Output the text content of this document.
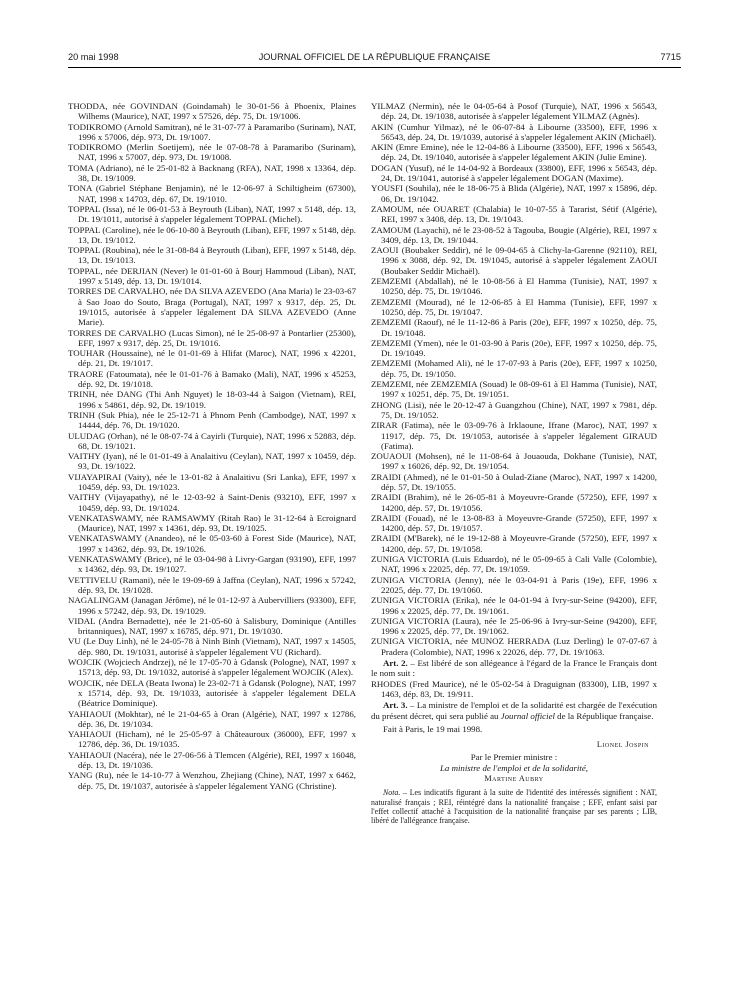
20 mai 1998	JOURNAL OFFICIEL DE LA RÉPUBLIQUE FRANÇAISE	7715

THODDA, née GOVINDAN (Goindamah) le 30-01-56 à Phoenix, Plaines Wilhems (Maurice), NAT, 1997 x 57526, dép. 75, Dt. 19/1006.

TODIKROMO (Arnold Samitran), né le 31-07-77 à Paramaribo (Surinam), NAT, 1996 x 57006, dép. 973, Dt. 19/1007.

TODIKROMO (Merlin Soetijem), née le 07-08-78 à Paramaribo (Surinam), NAT, 1996 x 57007, dép. 973, Dt. 19/1008.

TOMA (Adriano), né le 25-01-82 à Backnang (RFA), NAT, 1998 x 13364, dép. 38, Dt. 19/1009.

TONA (Gabriel Stéphane Benjamin), né le 12-06-97 à Schiltigheim (67300), NAT, 1998 x 14703, dép. 67, Dt. 19/1010.

TOPPAL (Issa), né le 06-01-53 à Beyrouth (Liban), NAT, 1997 x 5148, dép. 13, Dt. 19/1011, autorisé à s'appeler légalement TOPPAL (Michel).

TOPPAL (Caroline), née le 06-10-80 à Beyrouth (Liban), EFF, 1997 x 5148, dép. 13, Dt. 19/1012.

TOPPAL (Roubina), née le 31-08-84 à Beyrouth (Liban), EFF, 1997 x 5148, dép. 13, Dt. 19/1013.

TOPPAL, née DERJIAN (Never) le 01-01-60 à Bourj Hammoud (Liban), NAT, 1997 x 5149, dép. 13, Dt. 19/1014.

TORRES DE CARVALHO, née DA SILVA AZEVEDO (Ana Maria) le 23-03-67 à Sao Joao do Souto, Braga (Portugal), NAT, 1997 x 9317, dép. 25, Dt. 19/1015, autorisée à s'appeler légalement DA SILVA AZEVEDO (Anne Marie).

TORRES DE CARVALHO (Lucas Simon), né le 25-08-97 à Pontarlier (25300), EFF, 1997 x 9317, dép. 25, Dt. 19/1016.

TOUHAR (Houssaine), né le 01-01-69 à Hlifat (Maroc), NAT, 1996 x 42201, dép. 21, Dt. 19/1017.

TRAORE (Fatoumata), née le 01-01-76 à Bamako (Mali), NAT, 1996 x 45253, dép. 92, Dt. 19/1018.

TRINH, née DANG (Thi Anh Nguyet) le 18-03-44 à Saigon (Vietnam), REI, 1996 x 54861, dép. 92, Dt. 19/1019.

TRINH (Suk Phia), née le 25-12-71 à Phnom Penh (Cambodge), NAT, 1997 x 14444, dép. 76, Dt. 19/1020.

ULUDAG (Orhan), né le 08-07-74 à Cayirli (Turquie), NAT, 1996 x 52883, dép. 68, Dt. 19/1021.

VAITHY (Iyan), né le 01-01-49 à Analaitivu (Ceylan), NAT, 1997 x 10459, dép. 93, Dt. 19/1022.

VIJAYAPIRAI (Vaity), née le 13-01-82 à Analaitivu (Sri Lanka), EFF, 1997 x 10459, dép. 93, Dt. 19/1023.

VAITHY (Vijayapathy), né le 12-03-92 à Saint-Denis (93210), EFF, 1997 x 10459, dép. 93, Dt. 19/1024.

VENKATASWAMY, née RAMSAWMY (Ritah Rao) le 31-12-64 à Ecroignard (Maurice), NAT, 1997 x 14361, dép. 93, Dt. 19/1025.

VENKATASWAMY (Anandeo), né le 05-03-60 à Forest Side (Maurice), NAT, 1997 x 14362, dép. 93, Dt. 19/1026.

VENKATASWAMY (Brice), né le 03-04-98 à Livry-Gargan (93190), EFF, 1997 x 14362, dép. 93, Dt. 19/1027.

VETTIVELU (Ramani), née le 19-09-69 à Jaffna (Ceylan), NAT, 1996 x 57242, dép. 93, Dt. 19/1028.

NAGALINGAM (Janagan Jérôme), né le 01-12-97 à Aubervilliers (93300), EFF, 1996 x 57242, dép. 93, Dt. 19/1029.

VIDAL (Andra Bernadette), née le 21-05-60 à Salisbury, Dominique (Antilles britanniques), NAT, 1997 x 16785, dép. 971, Dt. 19/1030.

VU (Le Duy Linh), né le 24-05-78 à Ninh Binh (Vietnam), NAT, 1997 x 14505, dép. 980, Dt. 19/1031, autorisé à s'appeler légalement VU (Richard).

WOJCIK (Wojciech Andrzej), né le 17-05-70 à Gdansk (Pologne), NAT, 1997 x 15713, dép. 93, Dt. 19/1032, autorisé à s'appeler légalement WOJCIK (Alex).

WOJCIK, née DELA (Beata Iwona) le 23-02-71 à Gdansk (Pologne), NAT, 1997 x 15714, dép. 93, Dt. 19/1033, autorisée à s'appeler légalement DELA (Béatrice Dominique).

YAHIAOUI (Mokhtar), né le 21-04-65 à Oran (Algérie), NAT, 1997 x 12786, dép. 36, Dt. 19/1034.

YAHIAOUI (Hicham), né le 25-05-97 à Châteauroux (36000), EFF, 1997 x 12786, dép. 36, Dt. 19/1035.

YAHIAOUI (Nacéra), née le 27-06-56 à Tlemcen (Algérie), REI, 1997 x 16048, dép. 13, Dt. 19/1036.

YANG (Ru), née le 14-10-77 à Wenzhou, Zhejiang (Chine), NAT, 1997 x 6462, dép. 75, Dt. 19/1037, autorisée à s'appeler légalement YANG (Christine).

YILMAZ (Nermin), née le 04-05-64 à Posof (Turquie), NAT, 1996 x 56543, dép. 24, Dt. 19/1038, autorisée à s'appeler légalement YILMAZ (Agnès).

AKIN (Cumhur Yilmaz), né le 06-07-84 à Libourne (33500), EFF, 1996 x 56543, dép. 24, Dt. 19/1039, autorisé à s'appeler légalement AKIN (Michaël).

AKIN (Emre Emine), née le 12-04-86 à Libourne (33500), EFF, 1996 x 56543, dép. 24, Dt. 19/1040, autorisée à s'appeler légalement AKIN (Julie Emine).

DOGAN (Yusuf), né le 14-04-92 à Bordeaux (33800), EFF, 1996 x 56543, dép. 24, Dt. 19/1041, autorisé à s'appeler légalement DOGAN (Maxime).

YOUSFI (Souhila), née le 18-06-75 à Blida (Algérie), NAT, 1997 x 15896, dép. 06, Dt. 19/1042.

ZAMOUM, née OUARET (Chalabia) le 10-07-55 à Tararist, Sétif (Algérie), REI, 1997 x 3408, dép. 13, Dt. 19/1043.

ZAMOUM (Layachi), né le 23-08-52 à Tagouba, Bougie (Algérie), REI, 1997 x 3409, dép. 13, Dt. 19/1044.

ZAOUI (Boubaker Seddir), né le 09-04-65 à Clichy-la-Garenne (92110), REI, 1996 x 3088, dép. 92, Dt. 19/1045, autorisé à s'appeler légalement ZAOUI (Boubaker Seddir Michaël).

ZEMZEMI (Abdallah), né le 10-08-56 à El Hamma (Tunisie), NAT, 1997 x 10250, dép. 75, Dt. 19/1046.

ZEMZEMI (Mourad), né le 12-06-85 à El Hamma (Tunisie), EFF, 1997 x 10250, dép. 75, Dt. 19/1047.

ZEMZEMI (Raouf), né le 11-12-86 à Paris (20e), EFF, 1997 x 10250, dép. 75, Dt. 19/1048.

ZEMZEMI (Ymen), née le 01-03-90 à Paris (20e), EFF, 1997 x 10250, dép. 75, Dt. 19/1049.

ZEMZEMI (Mohamed Ali), né le 17-07-93 à Paris (20e), EFF, 1997 x 10250, dép. 75, Dt. 19/1050.

ZEMZEMI, née ZEMZEMIA (Souad) le 08-09-61 à El Hamma (Tunisie), NAT, 1997 x 10251, dép. 75, Dt. 19/1051.

ZHONG (Lisi), née le 20-12-47 à Guangzhou (Chine), NAT, 1997 x 7981, dép. 75, Dt. 19/1052.

ZIRAR (Fatima), née le 03-09-76 à Irklaoune, Ifrane (Maroc), NAT, 1997 x 11917, dép. 75, Dt. 19/1053, autorisée à s'appeler légalement GIRAUD (Fatima).

ZOUAOUI (Mohsen), né le 11-08-64 à Jouaouda, Dokhane (Tunisie), NAT, 1997 x 16026, dép. 92, Dt. 19/1054.

ZRAIDI (Ahmed), né le 01-01-50 à Oulad-Ziane (Maroc), NAT, 1997 x 14200, dép. 57, Dt. 19/1055.

ZRAIDI (Brahim), né le 26-05-81 à Moyeuvre-Grande (57250), EFF, 1997 x 14200, dép. 57, Dt. 19/1056.

ZRAIDI (Fouad), né le 13-08-83 à Moyeuvre-Grande (57250), EFF, 1997 x 14200, dép. 57, Dt. 19/1057.

ZRAIDI (M'Barek), né le 19-12-88 à Moyeuvre-Grande (57250), EFF, 1997 x 14200, dép. 57, Dt. 19/1058.

ZUNIGA VICTORIA (Luis Eduardo), né le 05-09-65 à Cali Valle (Colombie), NAT, 1996 x 22025, dép. 77, Dt. 19/1059.

ZUNIGA VICTORIA (Jenny), née le 03-04-91 à Paris (19e), EFF, 1996 x 22025, dép. 77, Dt. 19/1060.

ZUNIGA VICTORIA (Erika), née le 04-01-94 à Ivry-sur-Seine (94200), EFF, 1996 x 22025, dép. 77, Dt. 19/1061.

ZUNIGA VICTORIA (Laura), née le 25-06-96 à Ivry-sur-Seine (94200), EFF, 1996 x 22025, dép. 77, Dt. 19/1062.

ZUNIGA VICTORIA, née MUNOZ HERRADA (Luz Derling) le 07-07-67 à Pradera (Colombie), NAT, 1996 x 22026, dép. 77, Dt. 19/1063.

Art. 2. – Est libéré de son allégeance à l'égard de la France le Français dont le nom suit :

RHODES (Fred Maurice), né le 05-02-54 à Draguignan (83300), LIB, 1997 x 1463, dép. 83, Dt. 19/911.

Art. 3. – La ministre de l'emploi et de la solidarité est chargée de l'exécution du présent décret, qui sera publié au Journal officiel de la République française.

Fait à Paris, le 19 mai 1998.

Lionel Jospin

Par le Premier ministre :

La ministre de l'emploi et de la solidarité,

Martine Aubry

Nota. – Les indicatifs figurant à la suite de l'identité des intéressés signifient : NAT, naturalisé français ; REI, réintégré dans la nationalité française ; EFF, enfant saisi par l'effet collectif attaché à l'acquisition de la nationalité française par ses parents ; LIB, libéré de l'allégeance française.
